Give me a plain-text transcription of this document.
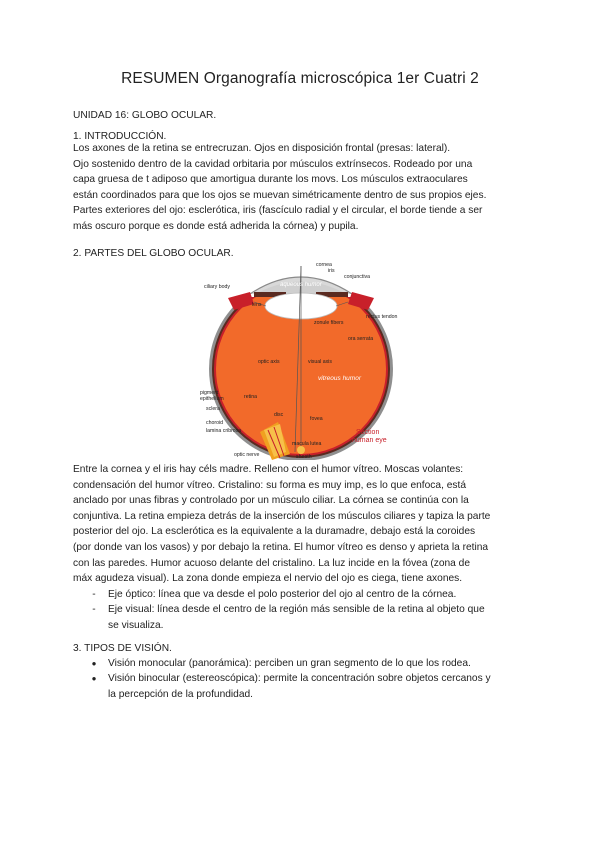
RESUMEN Organografía microscópica 1er Cuatri 2
UNIDAD 16: GLOBO OCULAR.
1. INTRODUCCIÓN.
Los axones de la retina se entrecruzan. Ojos en disposición frontal (presas: lateral).
Ojo sostenido dentro de la cavidad orbitaria por músculos extrínsecos. Rodeado por una
capa gruesa de t adiposo que amortigua durante los movs. Los músculos extraoculares
están coordinados para que los ojos se muevan simétricamente dentro de sus propios ejes.
Partes exteriores del ojo: esclerótica, iris (fascículo radial y el circular, el borde tiende a ser
más oscuro porque es donde está adherida la córnea) y pupila.
2. PARTES DEL GLOBO OCULAR.
cornea
iris
conjunctiva
ciliary body	aqueous humor
lens
zonule fibers
rectus tendon
ora serrata
optic axis	visual axis
vitreous humor
pigment
epithelium	retina
sclera
disc
choroid
lamina cribrosa
fovea
optic nerve
macula lutea
sheath
Section
human eye
Entre la cornea y el iris hay céls madre. Relleno con el humor vítreo. Moscas volantes:
condensación del humor vítreo. Cristalino: su forma es muy imp, es lo que enfoca, está
anclado por unas fibras y controlado por un músculo ciliar. La córnea se continúa con la
conjuntiva. La retina empieza detrás de la inserción de los músculos ciliares y tapiza la parte
posterior del ojo. La esclerótica es la equivalente a la duramadre, debajo está la coroides
(por donde van los vasos) y por debajo la retina. El humor vítreo es denso y aprieta la retina
con las paredes. Humor acuoso delante del cristalino. La luz incide en la fóvea (zona de
máx agudeza visual). La zona donde empieza el nervio del ojo es ciega, tiene axones.
-	Eje óptico: línea que va desde el polo posterior del ojo al centro de la córnea.
-	Eje visual: línea desde el centro de la región más sensible de la retina al objeto que
se visualiza.
3. TIPOS DE VISIÓN.
●	Visión monocular (panorámica): perciben un gran segmento de lo que los rodea.
●	Visión binocular (estereoscópica): permite la concentración sobre objetos cercanos y
la percepción de la profundidad.
